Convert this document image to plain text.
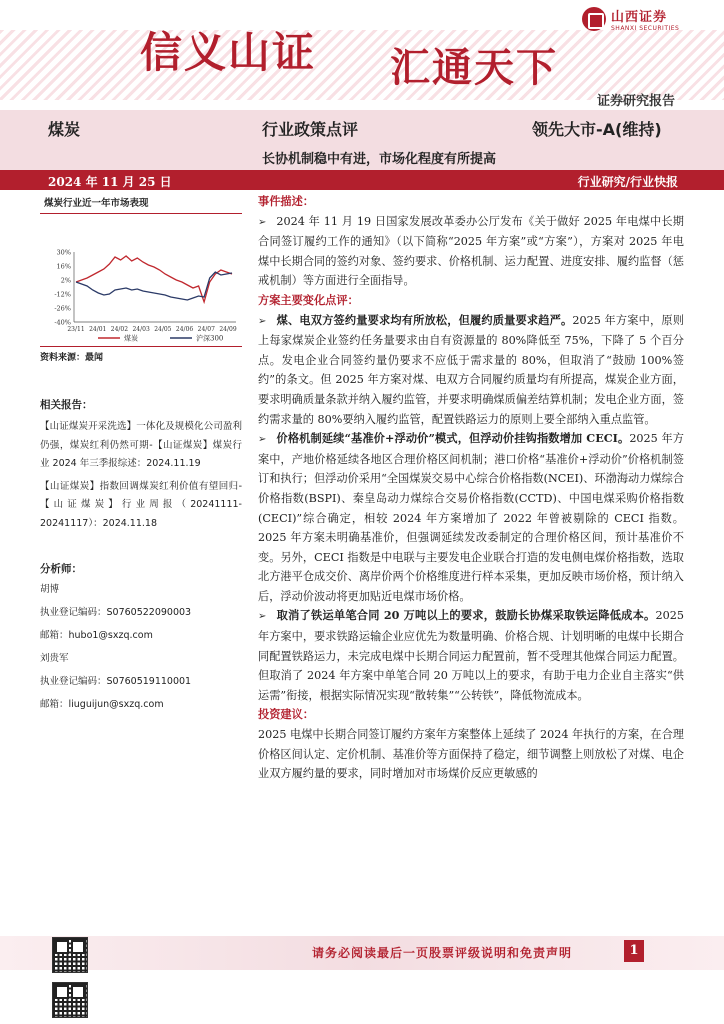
信义山证 汇通天下
山西证券
SHANXI SECURITIES
证券研究报告
煤炭	行业政策点评	领先大市-A(维持)
长协机制稳中有进，市场化程度有所提高
2024 年 11 月 25 日	行业研究/行业快报
煤炭行业近一年市场表现
30%
16%
2%
-12%
-26%
-40%
23/11 24/01 24/02 24/03 24/05 24/06 24/07 24/09
煤炭	沪深300
资料来源：最闻
相关报告：

【山证煤炭开采洗选】一体化及规模化公司盈利仍强，煤炭红利仍然可期-【山证煤炭】煤炭行业 2024 年三季报综述：2024.11.19

【山证煤炭】指数回调煤炭红利价值有望回归-【山证煤炭】行业周报（20241111-20241117）：2024.11.18

分析师：
胡博
执业登记编码：S0760522090003
邮箱：hubo1@sxzq.com
刘贵军
执业登记编码：S0760519110001
邮箱：liuguijun@sxzq.com
事件描述：

➢ 2024 年 11 月 19 日国家发展改革委办公厅发布《关于做好 2025 年电煤中长期合同签订履约工作的通知》（以下简称“2025 年方案”或“方案”），方案对 2025 年电煤中长期合同的签约对象、签约要求、价格机制、运力配置、进度安排、履约监督（惩戒机制）等方面进行全面指导。

方案主要变化点评：

➢ 煤、电双方签约量要求均有所放松，但履约质量要求趋严。2025 年方案中，原则上每家煤炭企业签约任务量要求由自有资源量的 80%降低至 75%，下降了 5 个百分点。发电企业合同签约量仍要求不应低于需求量的 80%，但取消了“鼓励 100%签约”的条文。但 2025 年方案对煤、电双方合同履约质量均有所提高，煤炭企业方面，要求明确质量条款并纳入履约监管，并要求明确煤质偏差结算机制；发电企业方面，签约需求量的 80%要纳入履约监管，配置铁路运力的原则上要全部纳入重点监管。

➢ 价格机制延续“基准价+浮动价”模式，但浮动价挂钩指数增加 CECI。2025 年方案中，产地价格延续各地区合理价格区间机制；港口价格“基准价+浮动价”价格机制签订和执行；但浮动价采用“全国煤炭交易中心综合价格指数(NCEI)、环渤海动力煤综合价格指数(BSPI)、秦皇岛动力煤综合交易价格指数(CCTD)、中国电煤采购价格指数(CECI)”综合确定，相较 2024 年方案增加了 2022 年曾被剔除的 CECI 指数。2025 年方案未明确基准价，但强调延续发改委制定的合理价格区间，预计基准价不变。另外，CECI 指数是中电联与主要发电企业联合打造的发电侧电煤价格指数，选取北方港平仓成交价、离岸价两个价格维度进行样本采集，更加反映市场价格，预计纳入后，浮动价波动将更加贴近电煤市场价格。

➢ 取消了铁运单笔合同 20 万吨以上的要求，鼓励长协煤采取铁运降低成本。2025 年方案中，要求铁路运输企业应优先为数量明确、价格合规、计划明晰的电煤中长期合同配置铁路运力，未完成电煤中长期合同运力配置前，暂不受理其他煤合同运力配置。但取消了 2024 年方案中单笔合同 20 万吨以上的要求，有助于电力企业自主落实“供运需”衔接，根据实际情况实现“散转集”“公转铁”，降低物流成本。

投资建议：

2025 电煤中长期合同签订履约方案年方案整体上延续了 2024 年执行的方案，在合理价格区间认定、定价机制、基准价等方面保持了稳定，细节调整上则放松了对煤、电企业双方履约量的要求，同时增加对市场煤价反应更敏感的

请务必阅读最后一页股票评级说明和免责声明	1
